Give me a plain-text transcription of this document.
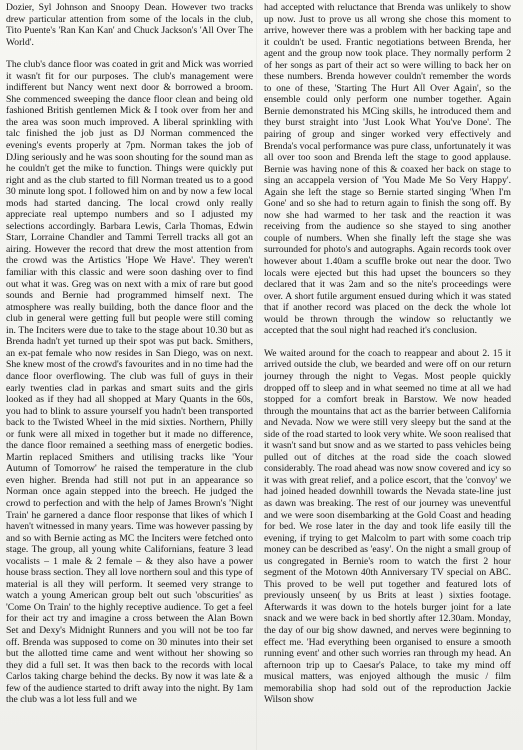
Dozier, Syl Johnson and Snoopy Dean. However two tracks drew particular attention from some of the locals in the club, Tito Puente's 'Ran Kan Kan' and Chuck Jackson's 'All Over The World'.

The club's dance floor was coated in grit and Mick was worried it wasn't fit for our purposes. The club's management were indifferent but Nancy went next door & borrowed a broom. She commenced sweeping the dance floor clean and being old fashioned British gentlemen Mick & I took over from her and the area was soon much improved. A liberal sprinkling with talc finished the job just as DJ Norman commenced the evening's events properly at 7pm. Norman takes the job of DJing seriously and he was soon shouting for the sound man as he couldn't get the mike to function. Things were quickly put right and as the club started to fill Norman treated us to a good 30 minute long spot. I followed him on and by now a few local mods had started dancing. The local crowd only really appreciate real uptempo numbers and so I adjusted my selections accordingly. Barbara Lewis, Carla Thomas, Edwin Starr, Lorraine Chandler and Tammi Terrell tracks all got an airing. However the record that drew the most attention from the crowd was the Artistics 'Hope We Have'. They weren't familiar with this classic and were soon dashing over to find out what it was. Greg was on next with a mix of rare but good sounds and Bernie had programmed himself next. The atmosphere was really building, both the dance floor and the club in general were getting full but people were still coming in. The Inciters were due to take to the stage about 10.30 but as Brenda hadn't yet turned up their spot was put back. Smithers, an ex-pat female who now resides in San Diego, was on next. She knew most of the crowd's favourites and in no time had the dance floor overflowing. The club was full of guys in their early twenties clad in parkas and smart suits and the girls looked as if they had all shopped at Mary Quants in the 60s, you had to blink to assure yourself you hadn't been transported back to the Twisted Wheel in the mid sixties. Northern, Philly or funk were all mixed in together but it made no difference, the dance floor remained a seething mass of energetic bodies. Martin replaced Smithers and utilising tracks like 'Your Autumn of Tomorrow' he raised the temperature in the club even higher. Brenda had still not put in an appearance so Norman once again stepped into the breech. He judged the crowd to perfection and with the help of James Brown's 'Night Train' he garnered a dance floor response that likes of which I haven't witnessed in many years. Time was however passing by and so with Bernie acting as MC the Inciters were fetched onto stage. The group, all young white Californians, feature 3 lead vocalists – 1 male & 2 female – & they also have a power house brass section. They all love northern soul and this type of material is all they will perform. It seemed very strange to watch a young American group belt out such 'obscurities' as 'Come On Train' to the highly receptive audience. To get a feel for their act try and imagine a cross between the Alan Bown Set and Dexy's Midnight Runners and you will not be too far off. Brenda was supposed to come on 30 minutes into their set but the allotted time came and went without her showing so they did a full set. It was then back to the records with local Carlos taking charge behind the decks. By now it was late & a few of the audience started to drift away into the night. By 1am the club was a lot less full and we

had accepted with reluctance that Brenda was unlikely to show up now. Just to prove us all wrong she chose this moment to arrive, however there was a problem with her backing tape and it couldn't be used. Frantic negotiations between Brenda, her agent and the group now took place. They normally perform 2 of her songs as part of their act so were willing to back her on these numbers. Brenda however couldn't remember the words to one of these, 'Starting The Hurt All Over Again', so the ensemble could only perform one number together. Again Bernie demonstrated his MCing skills, he introduced them and they burst straight into 'Just Look What You've Done'. The pairing of group and singer worked very effectively and Brenda's vocal performance was pure class, unfortunately it was all over too soon and Brenda left the stage to good applause. Bernie was having none of this & coaxed her back on stage to sing an accappela version of 'You Made Me So Very Happy'. Again she left the stage so Bernie started singing 'When I'm Gone' and so she had to return again to finish the song off. By now she had warmed to her task and the reaction it was receiving from the audience so she stayed to sing another couple of numbers. When she finally left the stage she was surrounded for photo's and autographs. Again records took over however about 1.40am a scuffle broke out near the door. Two locals were ejected but this had upset the bouncers so they declared that it was 2am and so the nite's proceedings were over. A short futile argument ensued during which it was stated that if another record was placed on the deck the whole lot would be thrown through the window so reluctantly we accepted that the soul night had reached it's conclusion.

We waited around for the coach to reappear and about 2. 15 it arrived outside the club, we bearded and were off on our return journey through the night to Vegas. Most people quickly dropped off to sleep and in what seemed no time at all we had stopped for a comfort break in Barstow. We now headed through the mountains that act as the barrier between California and Nevada. Now we were still very sleepy but the sand at the side of the road started to look very white. We soon realised that it wasn't sand but snow and as we started to pass vehicles being pulled out of ditches at the road side the coach slowed considerably. The road ahead was now snow covered and icy so it was with great relief, and a police escort, that the 'convoy' we had joined headed downhill towards the Nevada state-line just as dawn was breaking. The rest of our journey was uneventful and we were soon disembarking at the Gold Coast and heading for bed. We rose later in the day and took life easily till the evening, if trying to get Malcolm to part with some coach trip money can be described as 'easy'. On the night a small group of us congregated in Bernie's room to watch the first 2 hour segment of the Motown 40th Anniversary TV special on ABC. This proved to be well put together and featured lots of previously unseen( by us Brits at least ) sixties footage. Afterwards it was down to the hotels burger joint for a late snack and we were back in bed shortly after 12.30am. Monday, the day of our big show dawned, and nerves were beginning to effect me. 'Had everything been organised to ensure a smooth running event' and other such worries ran through my head. An afternoon trip up to Caesar's Palace, to take my mind off musical matters, was enjoyed although the music / film memorabilia shop had sold out of the reproduction Jackie Wilson show
